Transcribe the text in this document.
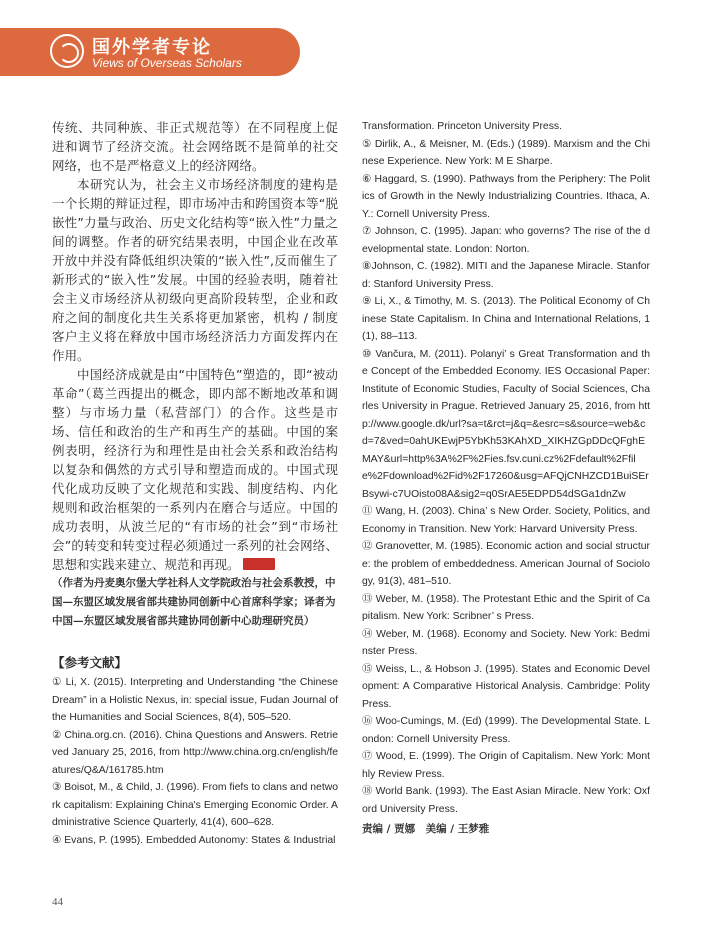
国外学者专论
Views of Overseas Scholars

传统、共同种族、非正式规范等）在不同程度上促进和调节了经济交流。社会网络既不是简单的社交网络，也不是严格意义上的经济网络。

本研究认为，社会主义市场经济制度的建构是一个长期的辩证过程，即市场冲击和跨国资本等“脱嵌性”力量与政治、历史文化结构等“嵌入性”力量之间的调整。作者的研究结果表明，中国企业在改革开放中并没有降低组织决策的“嵌入性”,反而催生了新形式的“嵌入性”发展。中国的经验表明，随着社会主义市场经济从初级向更高阶段转型，企业和政府之间的制度化共生关系将更加紧密，机构 / 制度客户主义将在释放中国市场经济活力方面发挥内在作用。

中国经济成就是由“中国特色”塑造的，即“被动革命”（葛兰西提出的概念，即内部不断地改革和调整）与市场力量（私营部门）的合作。这些是市场、信任和政治的生产和再生产的基础。中国的案例表明，经济行为和理性是由社会关系和政治结构以复杂和偶然的方式引导和塑造而成的。中国式现代化成功反映了文化规范和实践、制度结构、内化规则和政治框架的一系列内在磨合与适应。中国的成功表明，从波兰尼的“有市场的社会”到“市场社会”的转变和转变过程必须通过一系列的社会网络、思想和实践来建立、规范和再现。

（作者为丹麦奥尔堡大学社科人文学院政治与社会系教授，中国—东盟区域发展省部共建协同创新中心首席科学家；译者为中国—东盟区域发展省部共建协同创新中心助理研究员）

【参考文献】

① Li, X. (2015). Interpreting and Understanding “the Chinese Dream” in a Holistic Nexus, in: special issue, Fudan Journal of the Humanities and Social Sciences, 8(4), 505–520.

② China.org.cn. (2016). China Questions and Answers. Retrieved January 25, 2016, from http://www.china.org.cn/english/features/Q&A/161785.htm

③ Boisot, M., & Child, J. (1996). From fiefs to clans and network capitalism: Explaining China's Emerging Economic Order. Administrative Science Quarterly, 41(4), 600–628.

④ Evans, P. (1995). Embedded Autonomy: States & Industrial

Transformation. Princeton University Press.

⑤ Dirlik, A., & Meisner, M. (Eds.) (1989). Marxism and the Chinese Experience. New York: M E Sharpe.

⑥ Haggard, S. (1990). Pathways from the Periphery: The Politics of Growth in the Newly Industrializing Countries. Ithaca, A.Y.: Cornell University Press.

⑦ Johnson, C. (1995). Japan: who governs? The rise of the developmental state. London: Norton.

⑧Johnson, C. (1982). MITI and the Japanese Miracle. Stanford: Stanford University Press.

⑨ Li, X., & Timothy, M. S. (2013). The Political Economy of Chinese State Capitalism. In China and International Relations, 1(1), 88–113.

⑩ Vančura, M. (2011). Polanyi’ s Great Transformation and the Concept of the Embedded Economy. IES Occasional Paper: Institute of Economic Studies, Faculty of Social Sciences, Charles University in Prague. Retrieved January 25, 2016, from http://www.google.dk/url?sa=t&rct=j&q=&esrc=s&source=web&cd=7&ved=0ahUKEwjP5YbKh53KAhXD_XIKHZGpDDcQFghEMAY&url=http%3A%2F%2Fies.fsv.cuni.cz%2Fdefault%2Ffile%2Fdownload%2Fid%2F17260&usg=AFQjCNHZCD1BuiSErBsywi-c7UOisto08A&sig2=q0SrAE5EDPD54dSGa1dnZw

⑪ Wang, H. (2003). China’ s New Order. Society, Politics, and Economy in Transition. New York: Harvard University Press.

⑫ Granovetter, M. (1985). Economic action and social structure: the problem of embeddedness. American Journal of Sociology, 91(3), 481–510.

⑬ Weber, M. (1958). The Protestant Ethic and the Spirit of Capitalism. New York: Scribner’ s Press.

⑭ Weber, M. (1968). Economy and Society. New York: Bedminster Press.

⑮ Weiss, L., & Hobson J. (1995). States and Economic Development: A Comparative Historical Analysis. Cambridge: Polity Press.

⑯ Woo-Cumings, M. (Ed) (1999). The Developmental State. London: Cornell University Press.

⑰ Wood, E. (1999). The Origin of Capitalism. New York: Monthly Review Press.

⑱ World Bank. (1993). The East Asian Miracle. New York: Oxford University Press.

责编 / 贾娜　美编 / 王梦雅

44
